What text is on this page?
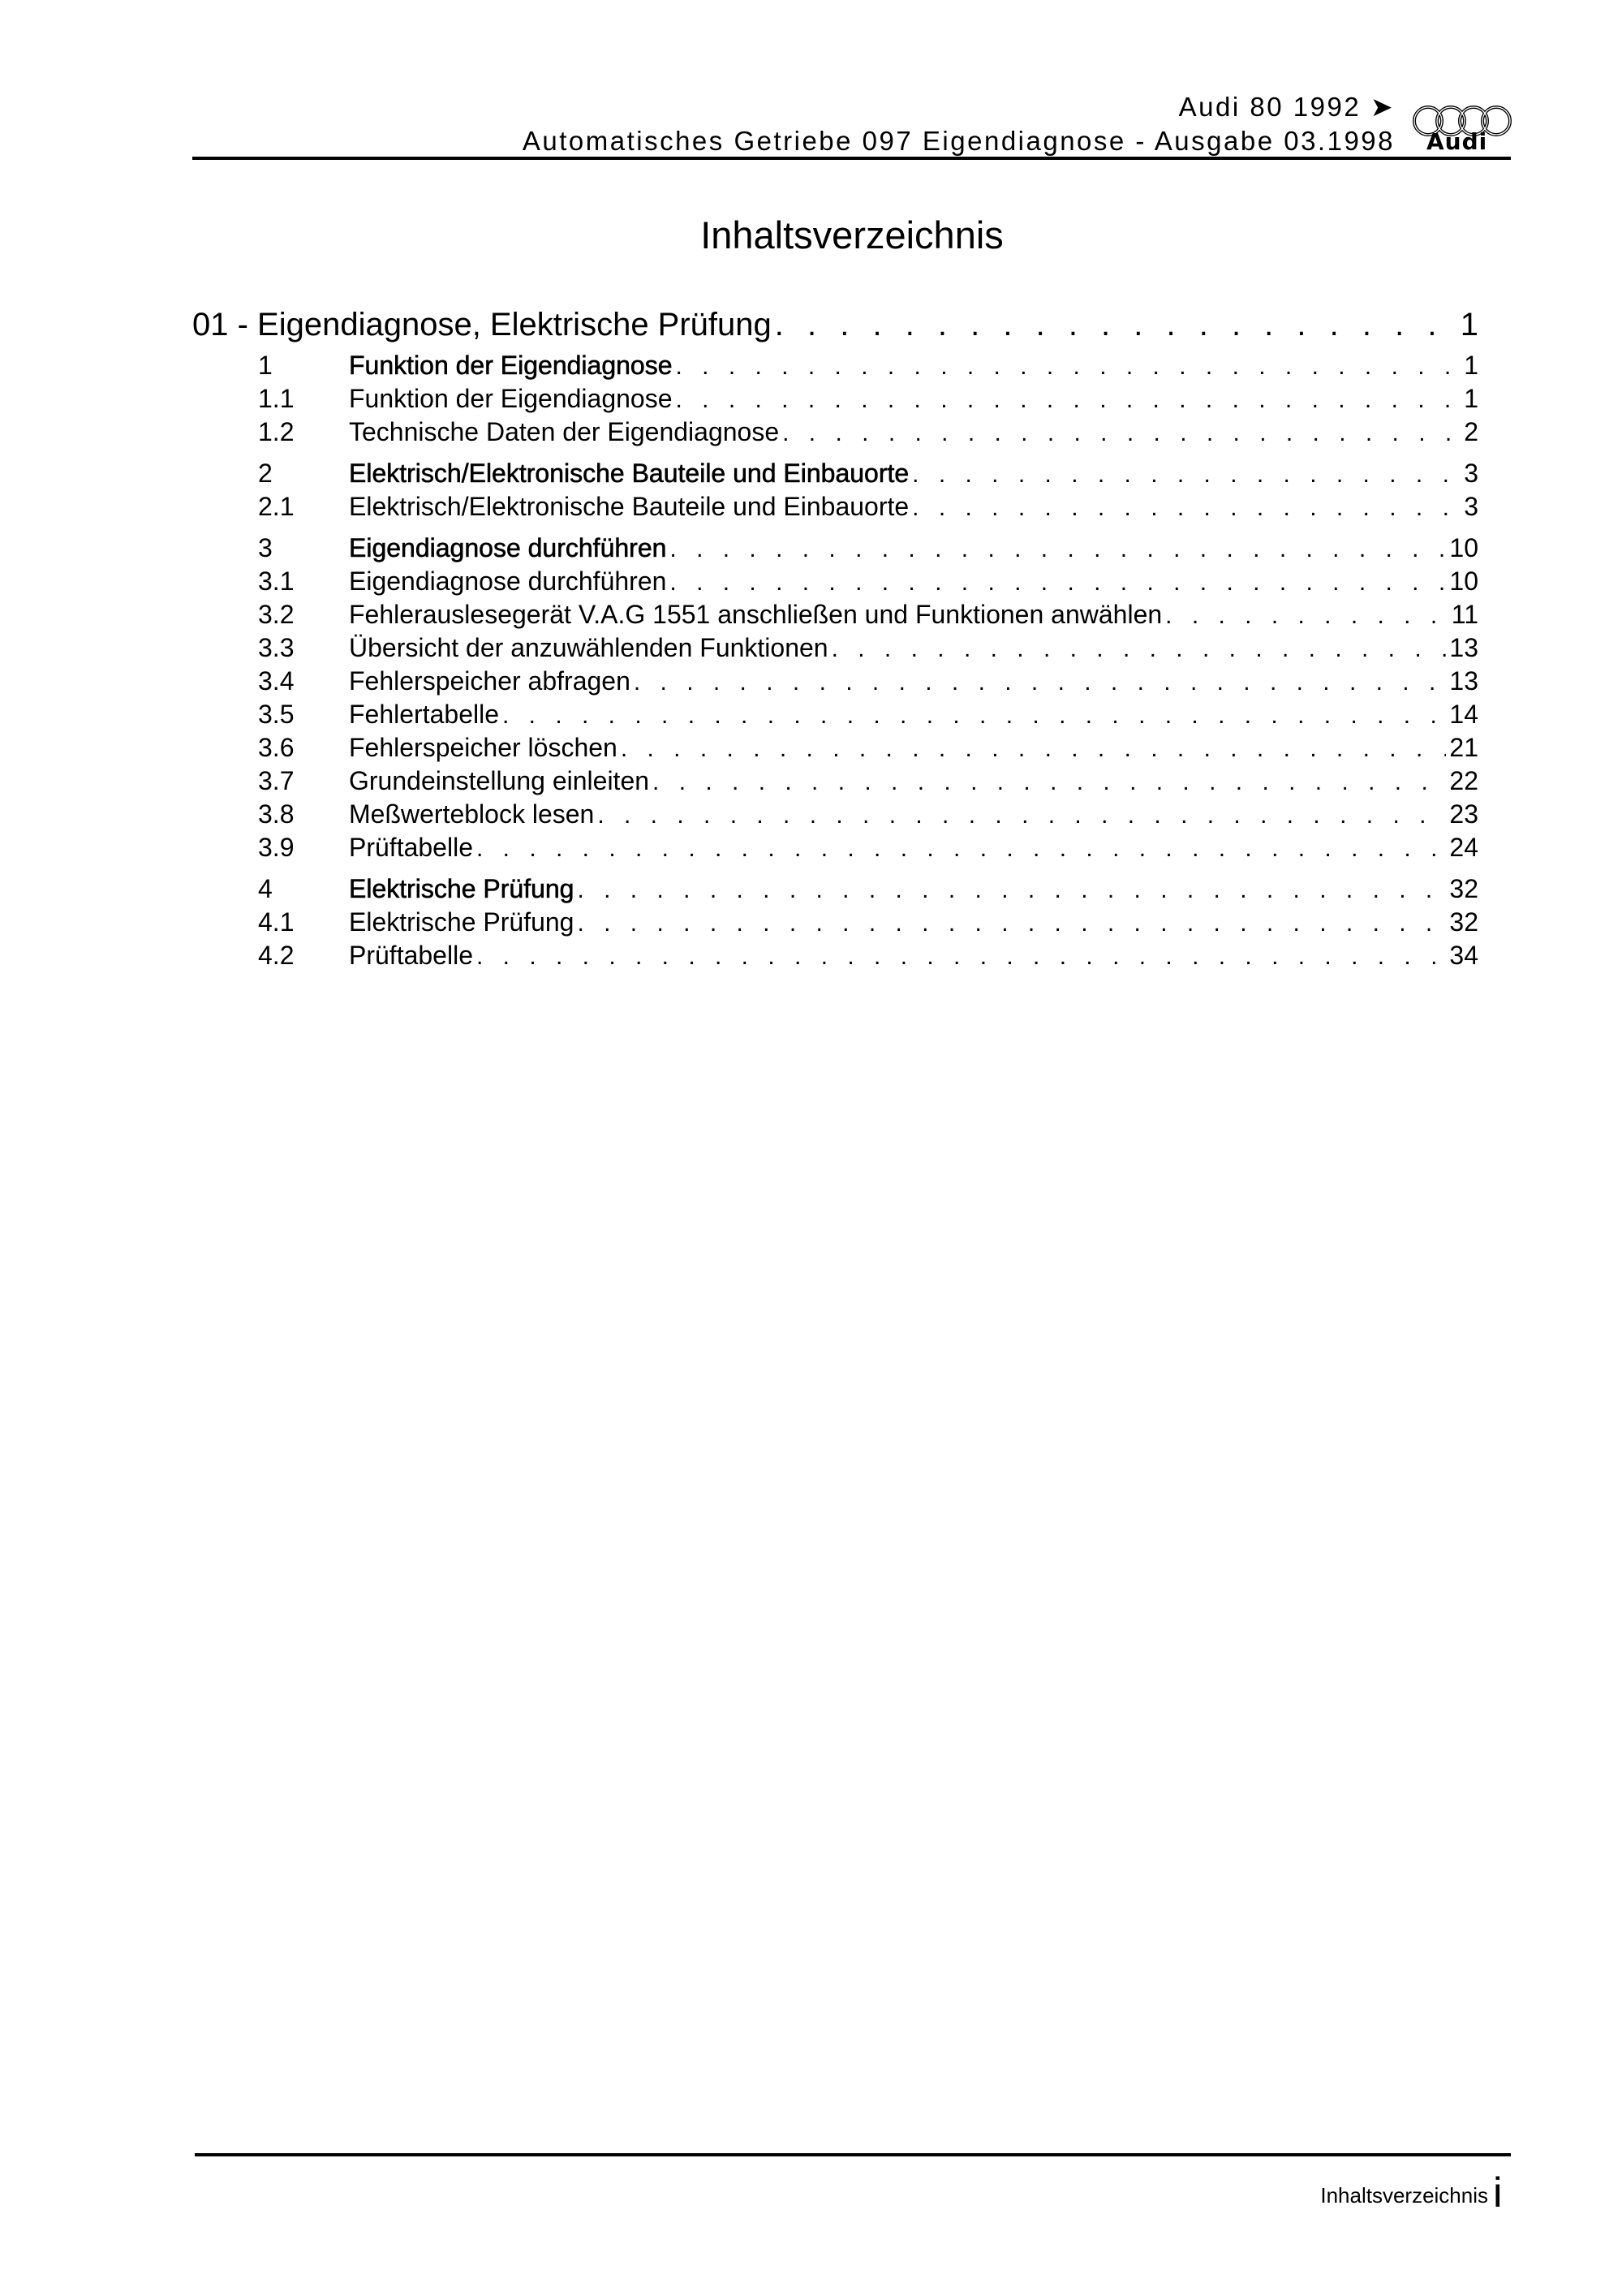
Audi 80 1992 ➤
Automatisches Getriebe 097 Eigendiagnose - Ausgabe 03.1998 Audi
Inhaltsverzeichnis
01 - Eigendiagnose, Elektrische Prüfung . . .	1
1	Funktion der Eigendiagnose . . .	1
1.1	Funktion der Eigendiagnose . . .	1
1.2	Technische Daten der Eigendiagnose . . .	2
2	Elektrisch/Elektronische Bauteile und Einbauorte . . .	3
2.1	Elektrisch/Elektronische Bauteile und Einbauorte . . .	3
3	Eigendiagnose durchführen . . .	10
3.1	Eigendiagnose durchführen . . .	10
3.2	Fehlerauslesegerät V.A.G 1551 anschließen und Funktionen anwählen . . .	11
3.3	Übersicht der anzuwählenden Funktionen . . .	13
3.4	Fehlerspeicher abfragen . . .	13
3.5	Fehlertabelle . . .	14
3.6	Fehlerspeicher löschen . . .	21
3.7	Grundeinstellung einleiten . . .	22
3.8	Meßwerteblock lesen . . .	23
3.9	Prüftabelle . . .	24
4	Elektrische Prüfung . . .	32
4.1	Elektrische Prüfung . . .	32
4.2	Prüftabelle . . .	34
Inhaltsverzeichnis i
